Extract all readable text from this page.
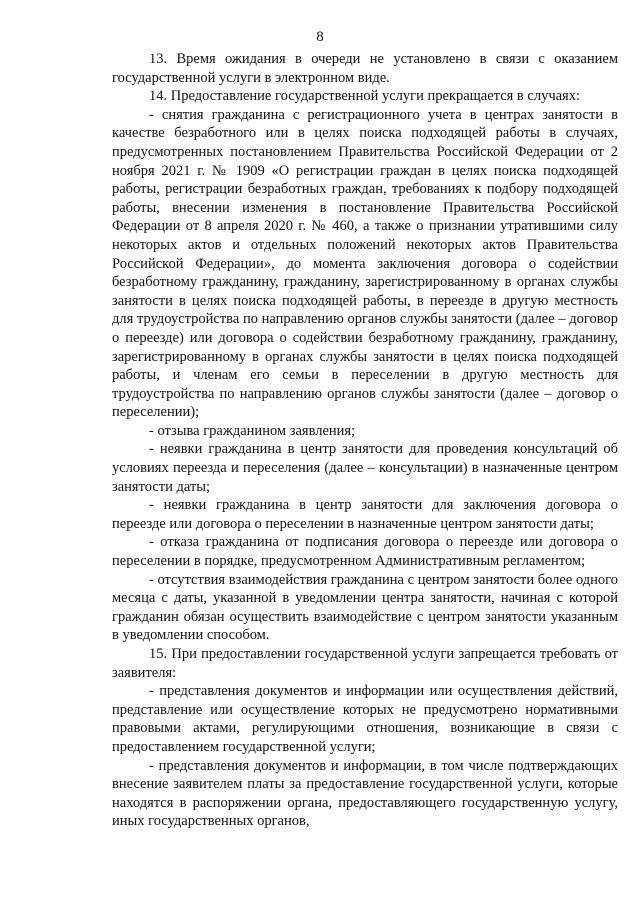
8

13. Время ожидания в очереди не установлено в связи с оказанием государственной услуги в электронном виде.

14. Предоставление государственной услуги прекращается в случаях:

- снятия гражданина с регистрационного учета в центрах занятости в качестве безработного или в целях поиска подходящей работы в случаях, предусмотренных постановлением Правительства Российской Федерации от 2 ноября 2021 г. № 1909 «О регистрации граждан в целях поиска подходящей работы, регистрации безработных граждан, требованиях к подбору подходящей работы, внесении изменения в постановление Правительства Российской Федерации от 8 апреля 2020 г. № 460, а также о признании утратившими силу некоторых актов и отдельных положений некоторых актов Правительства Российской Федерации», до момента заключения договора о содействии безработному гражданину, гражданину, зарегистрированному в органах службы занятости в целях поиска подходящей работы, в переезде в другую местность для трудоустройства по направлению органов службы занятости (далее – договор о переезде) или договора о содействии безработному гражданину, гражданину, зарегистрированному в органах службы занятости в целях поиска подходящей работы, и членам его семьи в переселении в другую местность для трудоустройства по направлению органов службы занятости (далее – договор о переселении);

- отзыва гражданином заявления;

- неявки гражданина в центр занятости для проведения консультаций об условиях переезда и переселения (далее – консультации) в назначенные центром занятости даты;

- неявки гражданина в центр занятости для заключения договора о переезде или договора о переселении в назначенные центром занятости даты;

- отказа гражданина от подписания договора о переезде или договора о переселении в порядке, предусмотренном Административным регламентом;

- отсутствия взаимодействия гражданина с центром занятости более одного месяца с даты, указанной в уведомлении центра занятости, начиная с которой гражданин обязан осуществить взаимодействие с центром занятости указанным в уведомлении способом.

15. При предоставлении государственной услуги запрещается требовать от заявителя:

- представления документов и информации или осуществления действий, представление или осуществление которых не предусмотрено нормативными правовыми актами, регулирующими отношения, возникающие в связи с предоставлением государственной услуги;

- представления документов и информации, в том числе подтверждающих внесение заявителем платы за предоставление государственной услуги, которые находятся в распоряжении органа, предоставляющего государственную услугу, иных государственных органов,
